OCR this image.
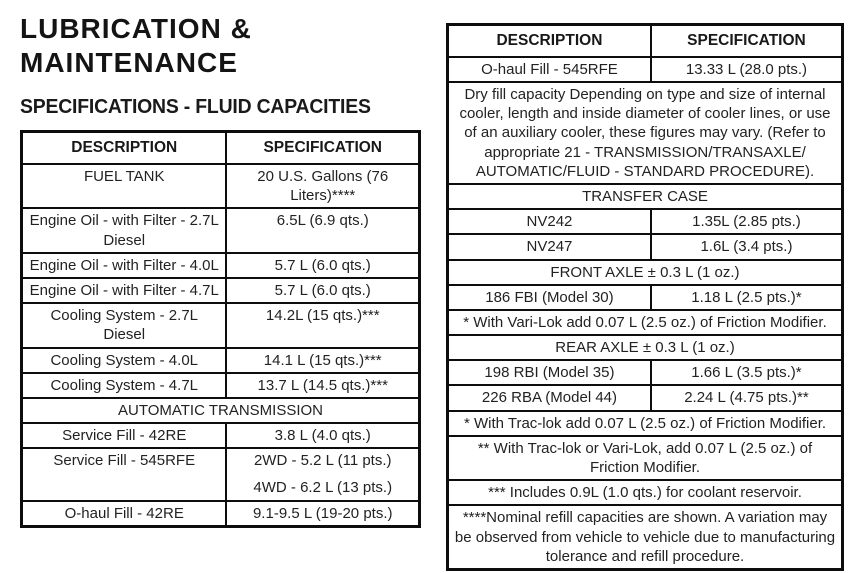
LUBRICATION &
MAINTENANCE
SPECIFICATIONS - FLUID CAPACITIES
DESCRIPTION	SPECIFICATION
FUEL TANK	20 U.S. Gallons (76 Liters)****
Engine Oil - with Filter - 2.7L Diesel	6.5L (6.9 qts.)
Engine Oil - with Filter - 4.0L	5.7 L (6.0 qts.)
Engine Oil - with Filter - 4.7L	5.7 L (6.0 qts.)
Cooling System - 2.7L Diesel	14.2L (15 qts.)***
Cooling System - 4.0L	14.1 L (15 qts.)***
Cooling System - 4.7L	13.7 L (14.5 qts.)***
AUTOMATIC TRANSMISSION	
Service Fill - 42RE	3.8 L (4.0 qts.)
Service Fill - 545RFE	2WD - 5.2 L (11 pts.)
4WD - 6.2 L (13 pts.)

O-haul Fill - 42RE	9.1-9.5 L (19-20 pts.)
DESCRIPTION	SPECIFICATION
O-haul Fill - 545RFE	13.33 L (28.0 pts.)
Dry fill capacity Depending on type and size of internal cooler, length and inside diameter of cooler lines, or use of an auxiliary cooler, these figures may vary. (Refer to appropriate 21 - TRANSMISSION/TRANSAXLE/ AUTOMATIC/FLUID - STANDARD PROCEDURE).	
TRANSFER CASE	
NV242	1.35L (2.85 pts.)
NV247	1.6L (3.4 pts.)
FRONT AXLE ± 0.3 L (1 oz.)	
186 FBI (Model 30)	1.18 L (2.5 pts.)*
* With Vari-Lok add 0.07 L (2.5 oz.) of Friction Modifier.	
REAR AXLE ± 0.3 L (1 oz.)	
198 RBI (Model 35)	1.66 L (3.5 pts.)*
226 RBA (Model 44)	2.24 L (4.75 pts.)**
* With Trac-lok add 0.07 L (2.5 oz.) of Friction Modifier.	
** With Trac-lok or Vari-Lok, add 0.07 L (2.5 oz.) of Friction Modifier.	
*** Includes 0.9L (1.0 qts.) for coolant reservoir.	
****Nominal refill capacities are shown. A variation may be observed from vehicle to vehicle due to manufacturing tolerance and refill procedure.	
